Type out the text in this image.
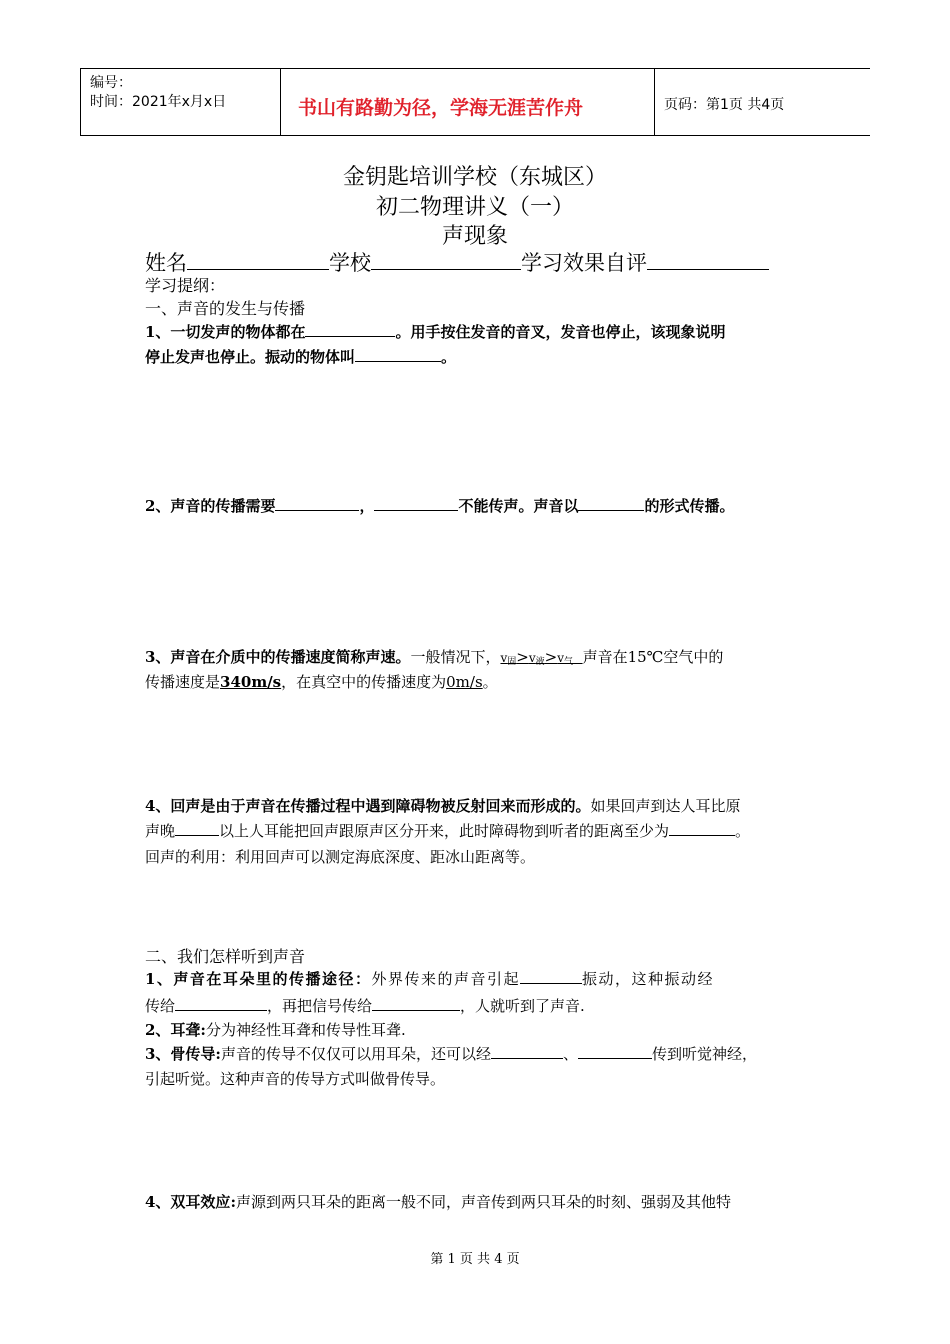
编号：
时间：2021年x月x日	书山有路勤为径，学海无涯苦作舟	页码：第1页 共4页
金钥匙培训学校（东城区）
初二物理讲义（一）
声现象
姓名	学校	学习效果自评
学习提纲：
一、声音的发生与传播
1、一切发声的物体都在	。用手按住发音的音叉，发音也停止，该现象说明
停止发声也停止。振动的物体叫	。
2、声音的传播需要	，	不能传声。声音以	的形式传播。
3、声音在介质中的传播速度简称声速。一般情况下，$v_固>v_液>v_气$ 声音在15℃空气中的
传播速度是340m/s，在真空中的传播速度为0m/s。
4、回声是由于声音在传播过程中遇到障碍物被反射回来而形成的。如果回声到达人耳比原
声晚	以上人耳能把回声跟原声区分开来，此时障碍物到听者的距离至少为	。
回声的利用：利用回声可以测定海底深度、距冰山距离等。
二、我们怎样听到声音
1、声音在耳朵里的传播途径：外界传来的声音引起	振动，这种振动经
传给	，再把信号传给	，人就听到了声音.
2、耳聋:分为神经性耳聋和传导性耳聋.
3、骨传导:声音的传导不仅仅可以用耳朵，还可以经	、	传到听觉神经，
引起听觉。这种声音的传导方式叫做骨传导。
4、双耳效应:声源到两只耳朵的距离一般不同，声音传到两只耳朵的时刻、强弱及其他特
第 1 页 共 4 页
